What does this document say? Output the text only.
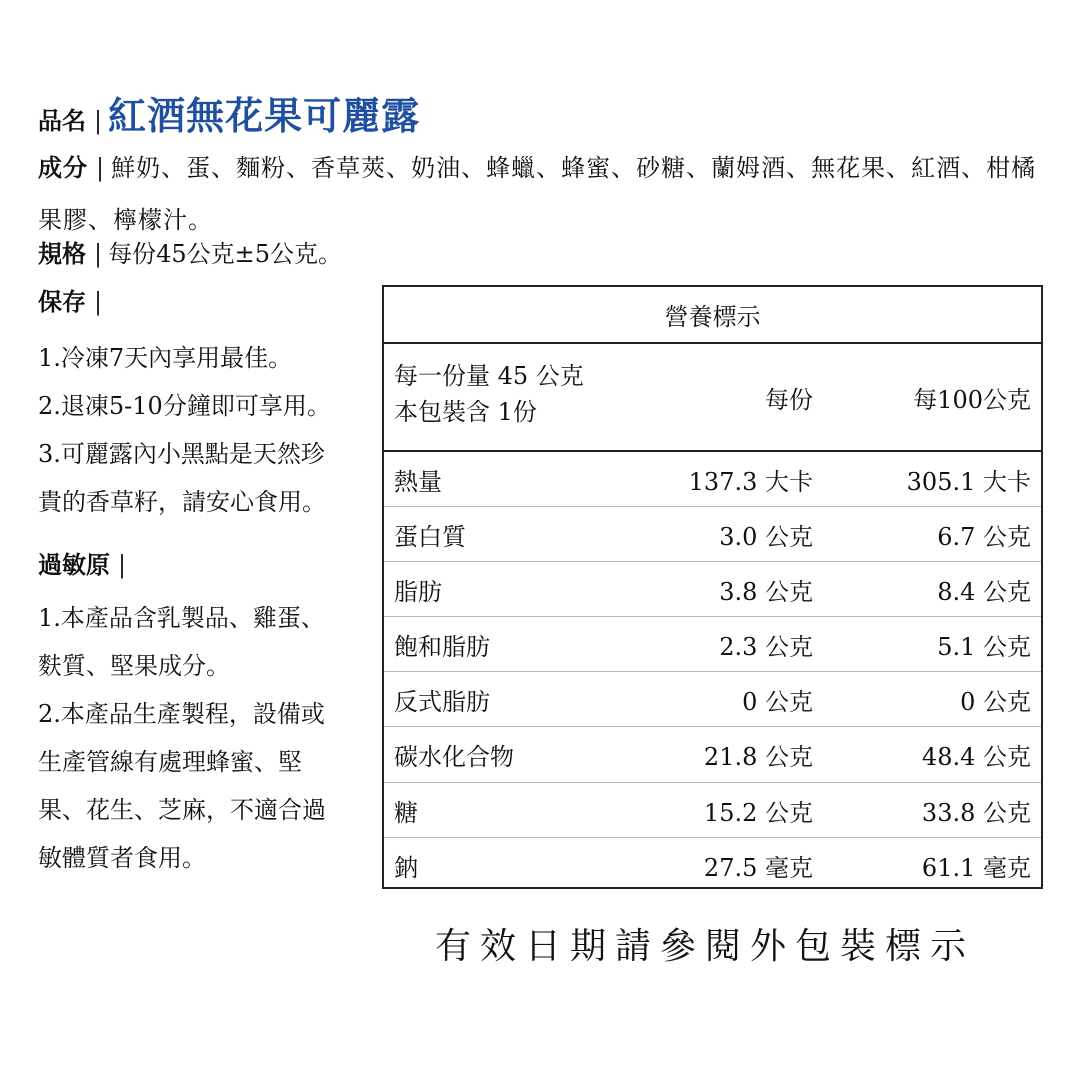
品名 | 紅酒無花果可麗露
成分 | 鮮奶、蛋、麵粉、香草莢、奶油、蜂蠟、蜂蜜、砂糖、蘭姆酒、無花果、紅酒、柑橘果膠、檸檬汁。
規格 | 每份45公克±5公克。
保存 |
1.冷凍7天內享用最佳。
2.退凍5-10分鐘即可享用。
3.可麗露內小黑點是天然珍
貴的香草籽，請安心食用。
過敏原 |
1.本產品含乳製品、雞蛋、
麩質、堅果成分。
2.本產品生產製程，設備或
生產管線有處理蜂蜜、堅
果、花生、芝麻，不適合過
敏體質者食用。
營養標示
每一份量 45 公克
本包裝含 1份	每份	每100公克
熱量	137.3 大卡	305.1 大卡
蛋白質	3.0 公克	6.7 公克
脂肪	3.8 公克	8.4 公克
飽和脂肪	2.3 公克	5.1 公克
反式脂肪	0 公克	0 公克
碳水化合物	21.8 公克	48.4 公克
糖	15.2 公克	33.8 公克
鈉	27.5 毫克	61.1 毫克
有效日期請參閱外包裝標示
